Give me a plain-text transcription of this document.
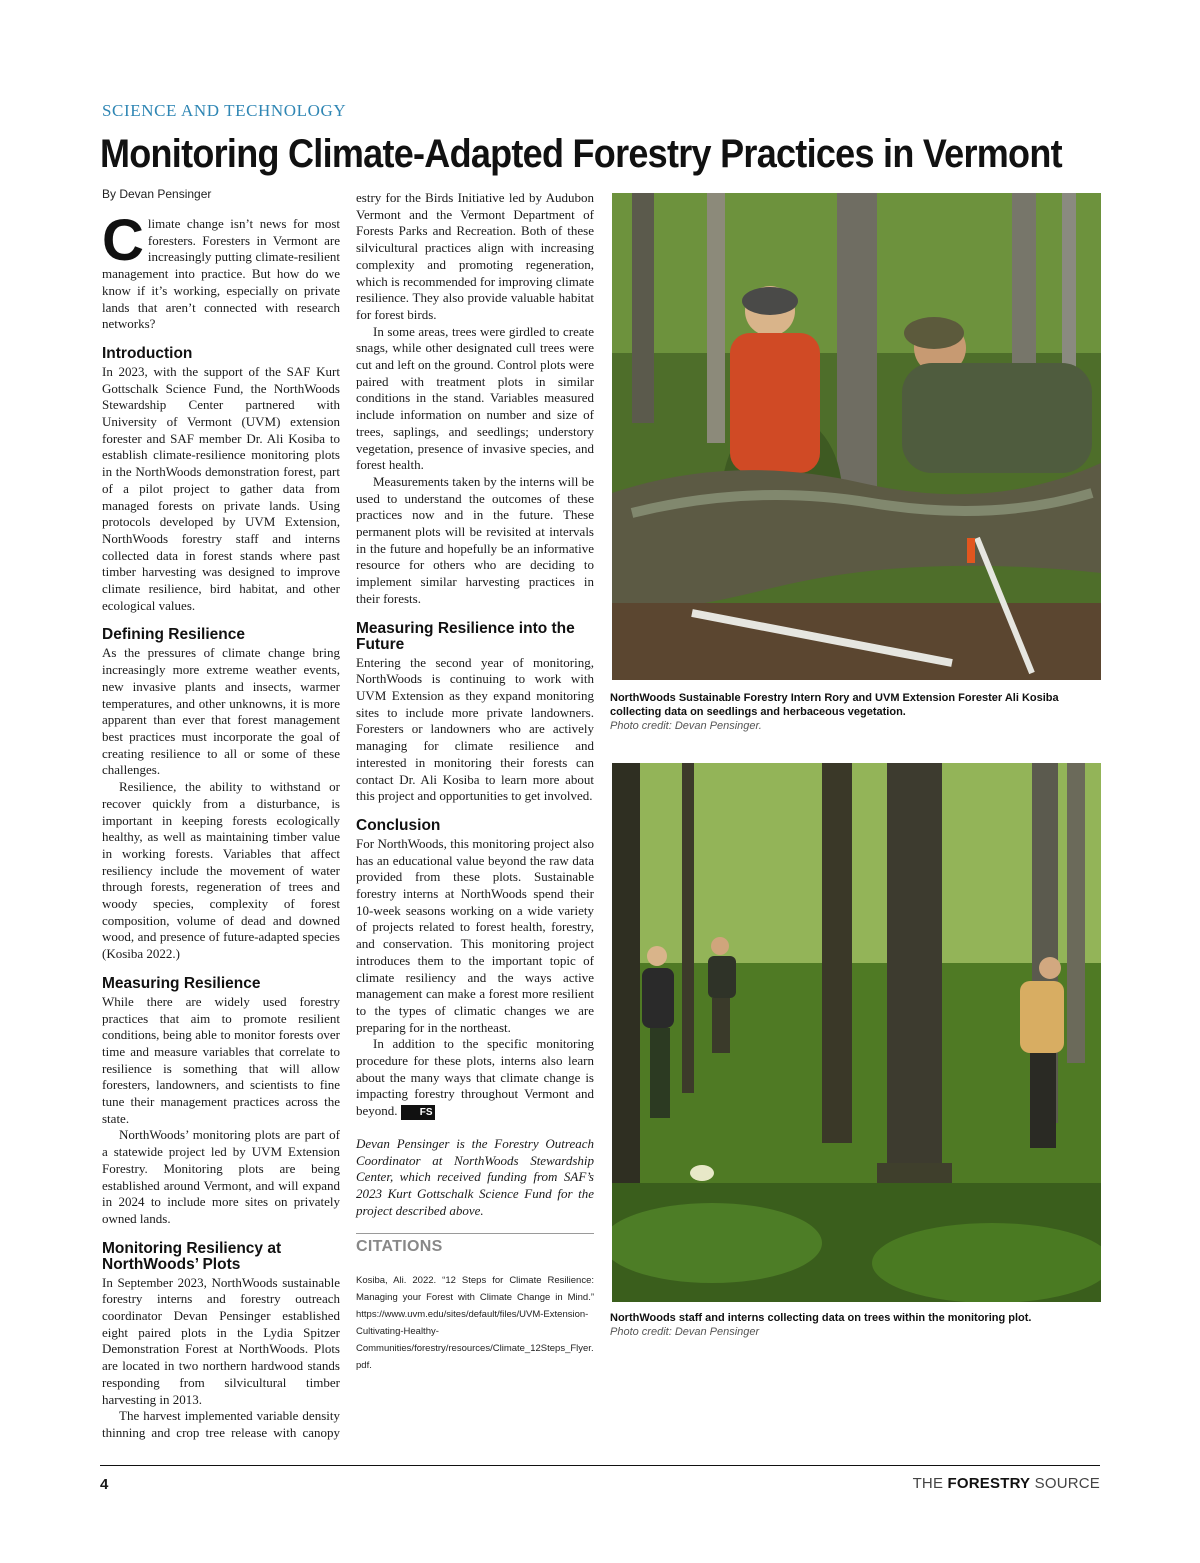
SCIENCE AND TECHNOLOGY
Monitoring Climate-Adapted Forestry Practices in Vermont
By Devan Pensinger

Climate change isn’t news for most foresters. Foresters in Vermont are increasingly putting climate-resilient management into practice. But how do we know if it’s working, especially on private lands that aren’t connected with research networks?

Introduction

In 2023, with the support of the SAF Kurt Gottschalk Science Fund, the NorthWoods Stewardship Center partnered with University of Vermont (UVM) extension forester and SAF member Dr. Ali Kosiba to establish climate-resilience monitoring plots in the NorthWoods demonstration forest, part of a pilot project to gather data from managed forests on private lands. Using protocols developed by UVM Extension, NorthWoods forestry staff and interns collected data in forest stands where past timber harvesting was designed to improve climate resilience, bird habitat, and other ecological values.

Defining Resilience

As the pressures of climate change bring increasingly more extreme weather events, new invasive plants and insects, warmer temperatures, and other unknowns, it is more apparent than ever that forest management best practices must incorporate the goal of creating resilience to all or some of these challenges.

Resilience, the ability to withstand or recover quickly from a disturbance, is important in keeping forests ecologically healthy, as well as maintaining timber value in working forests. Variables that affect resiliency include the movement of water through forests, regeneration of trees and woody species, complexity of forest composition, volume of dead and downed wood, and presence of future-adapted species (Kosiba 2022.)

Measuring Resilience

While there are widely used forestry practices that aim to promote resilient conditions, being able to monitor forests over time and measure variables that correlate to resilience is something that will allow foresters, landowners, and scientists to fine tune their management practices across the state.

NorthWoods’ monitoring plots are part of a statewide project led by UVM Extension Forestry. Monitoring plots are being established around Vermont, and will expand in 2024 to include more sites on privately owned lands.

Monitoring Resiliency at NorthWoods’ Plots

In September 2023, NorthWoods sustainable forestry interns and forestry outreach coordinator Devan Pensinger established eight paired plots in the Lydia Spitzer Demonstration Forest at NorthWoods. Plots are located in two northern hardwood stands responding from silvicultural timber harvesting in 2013.

The harvest implemented variable density thinning and crop tree release with canopy

estry for the Birds Initiative led by Audubon Vermont and the Vermont Department of Forests Parks and Recreation. Both of these silvicultural practices align with increasing complexity and promoting regeneration, which is recommended for improving climate resilience. They also provide valuable habitat for forest birds.

In some areas, trees were girdled to create snags, while other designated cull trees were cut and left on the ground. Control plots were paired with treatment plots in similar conditions in the stand. Variables measured include information on number and size of trees, saplings, and seedlings; understory vegetation, presence of invasive species, and forest health.

Measurements taken by the interns will be used to understand the outcomes of these practices now and in the future. These permanent plots will be revisited at intervals in the future and hopefully be an informative resource for others who are deciding to implement similar harvesting practices in their forests.

Measuring Resilience into the Future

Entering the second year of monitoring, NorthWoods is continuing to work with UVM Extension as they expand monitoring sites to include more private landowners. Foresters or landowners who are actively managing for climate resilience and interested in monitoring their forests can contact Dr. Ali Kosiba to learn more about this project and opportunities to get involved.

Conclusion

For NorthWoods, this monitoring project also has an educational value beyond the raw data provided from these plots. Sustainable forestry interns at NorthWoods spend their 10-week seasons working on a wide variety of projects related to forest health, forestry, and conservation. This monitoring project introduces them to the important topic of climate resiliency and the ways active management can make a forest more resilient to the types of climatic changes we are preparing for in the northeast.

In addition to the specific monitoring procedure for these plots, interns also learn about the many ways that climate change is impacting forestry throughout Vermont and beyond. FS

Devan Pensinger is the Forestry Outreach Coordinator at NorthWoods Stewardship Center, which received funding from SAF’s 2023 Kurt Gottschalk Science Fund for the project described above.

CITATIONS
Kosiba, Ali. 2022. “12 Steps for Climate Resilience: Managing your Forest with Climate Change in Mind.” https://www.uvm.edu/sites/default/files/UVM-Extension-Cultivating-Healthy-Communities/forestry/resources/Climate_12Steps_Flyer.pdf.
NorthWoods Sustainable Forestry Intern Rory and UVM Extension Forester Ali Kosiba collecting data on seedlings and herbaceous vegetation.
Photo credit: Devan Pensinger.
NorthWoods staff and interns collecting data on trees within the monitoring plot.
Photo credit: Devan Pensinger
4	THE FORESTRY SOURCE
